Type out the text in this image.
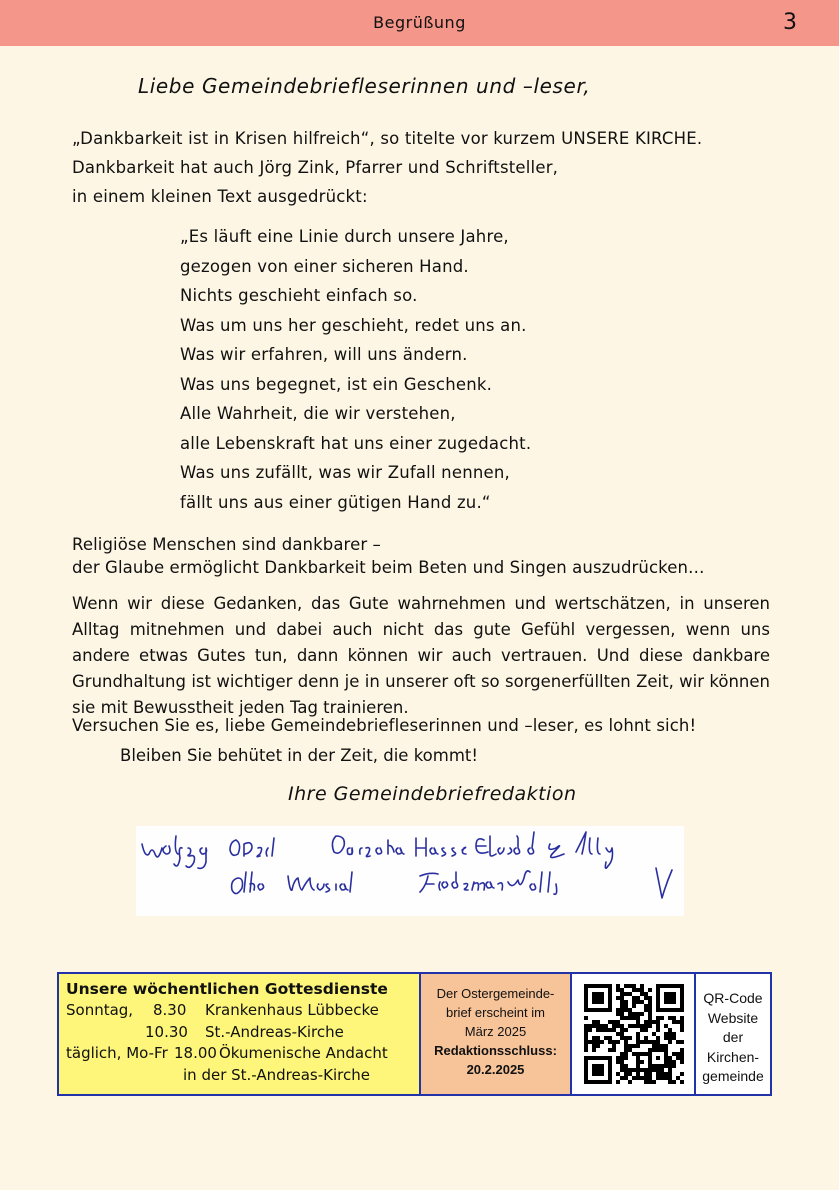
Begrüßung	3
Liebe Gemeindebriefleserinnen und –leser,
„Dankbarkeit ist in Krisen hilfreich“, so titelte vor kurzem UNSERE KIRCHE.
Dankbarkeit hat auch Jörg Zink, Pfarrer und Schriftsteller,
in einem kleinen Text ausgedrückt:
„Es läuft eine Linie durch unsere Jahre,
gezogen von einer sicheren Hand.
Nichts geschieht einfach so.
Was um uns her geschieht, redet uns an.
Was wir erfahren, will uns ändern.
Was uns begegnet, ist ein Geschenk.
Alle Wahrheit, die wir verstehen,
alle Lebenskraft hat uns einer zugedacht.
Was uns zufällt, was wir Zufall nennen,
fällt uns aus einer gütigen Hand zu.“
Religiöse Menschen sind dankbarer –
der Glaube ermöglicht Dankbarkeit beim Beten und Singen auszudrücken…
Wenn wir diese Gedanken, das Gute wahrnehmen und wertschätzen, in unseren Alltag mitnehmen und dabei auch nicht das gute Gefühl vergessen, wenn uns andere etwas Gutes tun, dann können wir auch vertrauen. Und diese dankbare Grundhaltung ist wichtiger denn je in unserer oft so sorgenerfüllten Zeit, wir können sie mit Bewusstheit jeden Tag trainieren.
Versuchen Sie es, liebe Gemeindebriefleserinnen und –leser, es lohnt sich!
Bleiben Sie behütet in der Zeit, die kommt!
Ihre Gemeindebriefredaktion
Unsere wöchentlichen Gottesdienste
Sonntag, 8.30 Krankenhaus Lübbecke
10.30 St.-Andreas-Kirche
täglich, Mo-Fr 18.00 Ökumenische Andacht
in der St.-Andreas-Kirche
Der Ostergemeinde-
brief erscheint im
März 2025
Redaktionsschluss:
20.2.2025
QR-Code
Website
der
Kirchen-
gemeinde
